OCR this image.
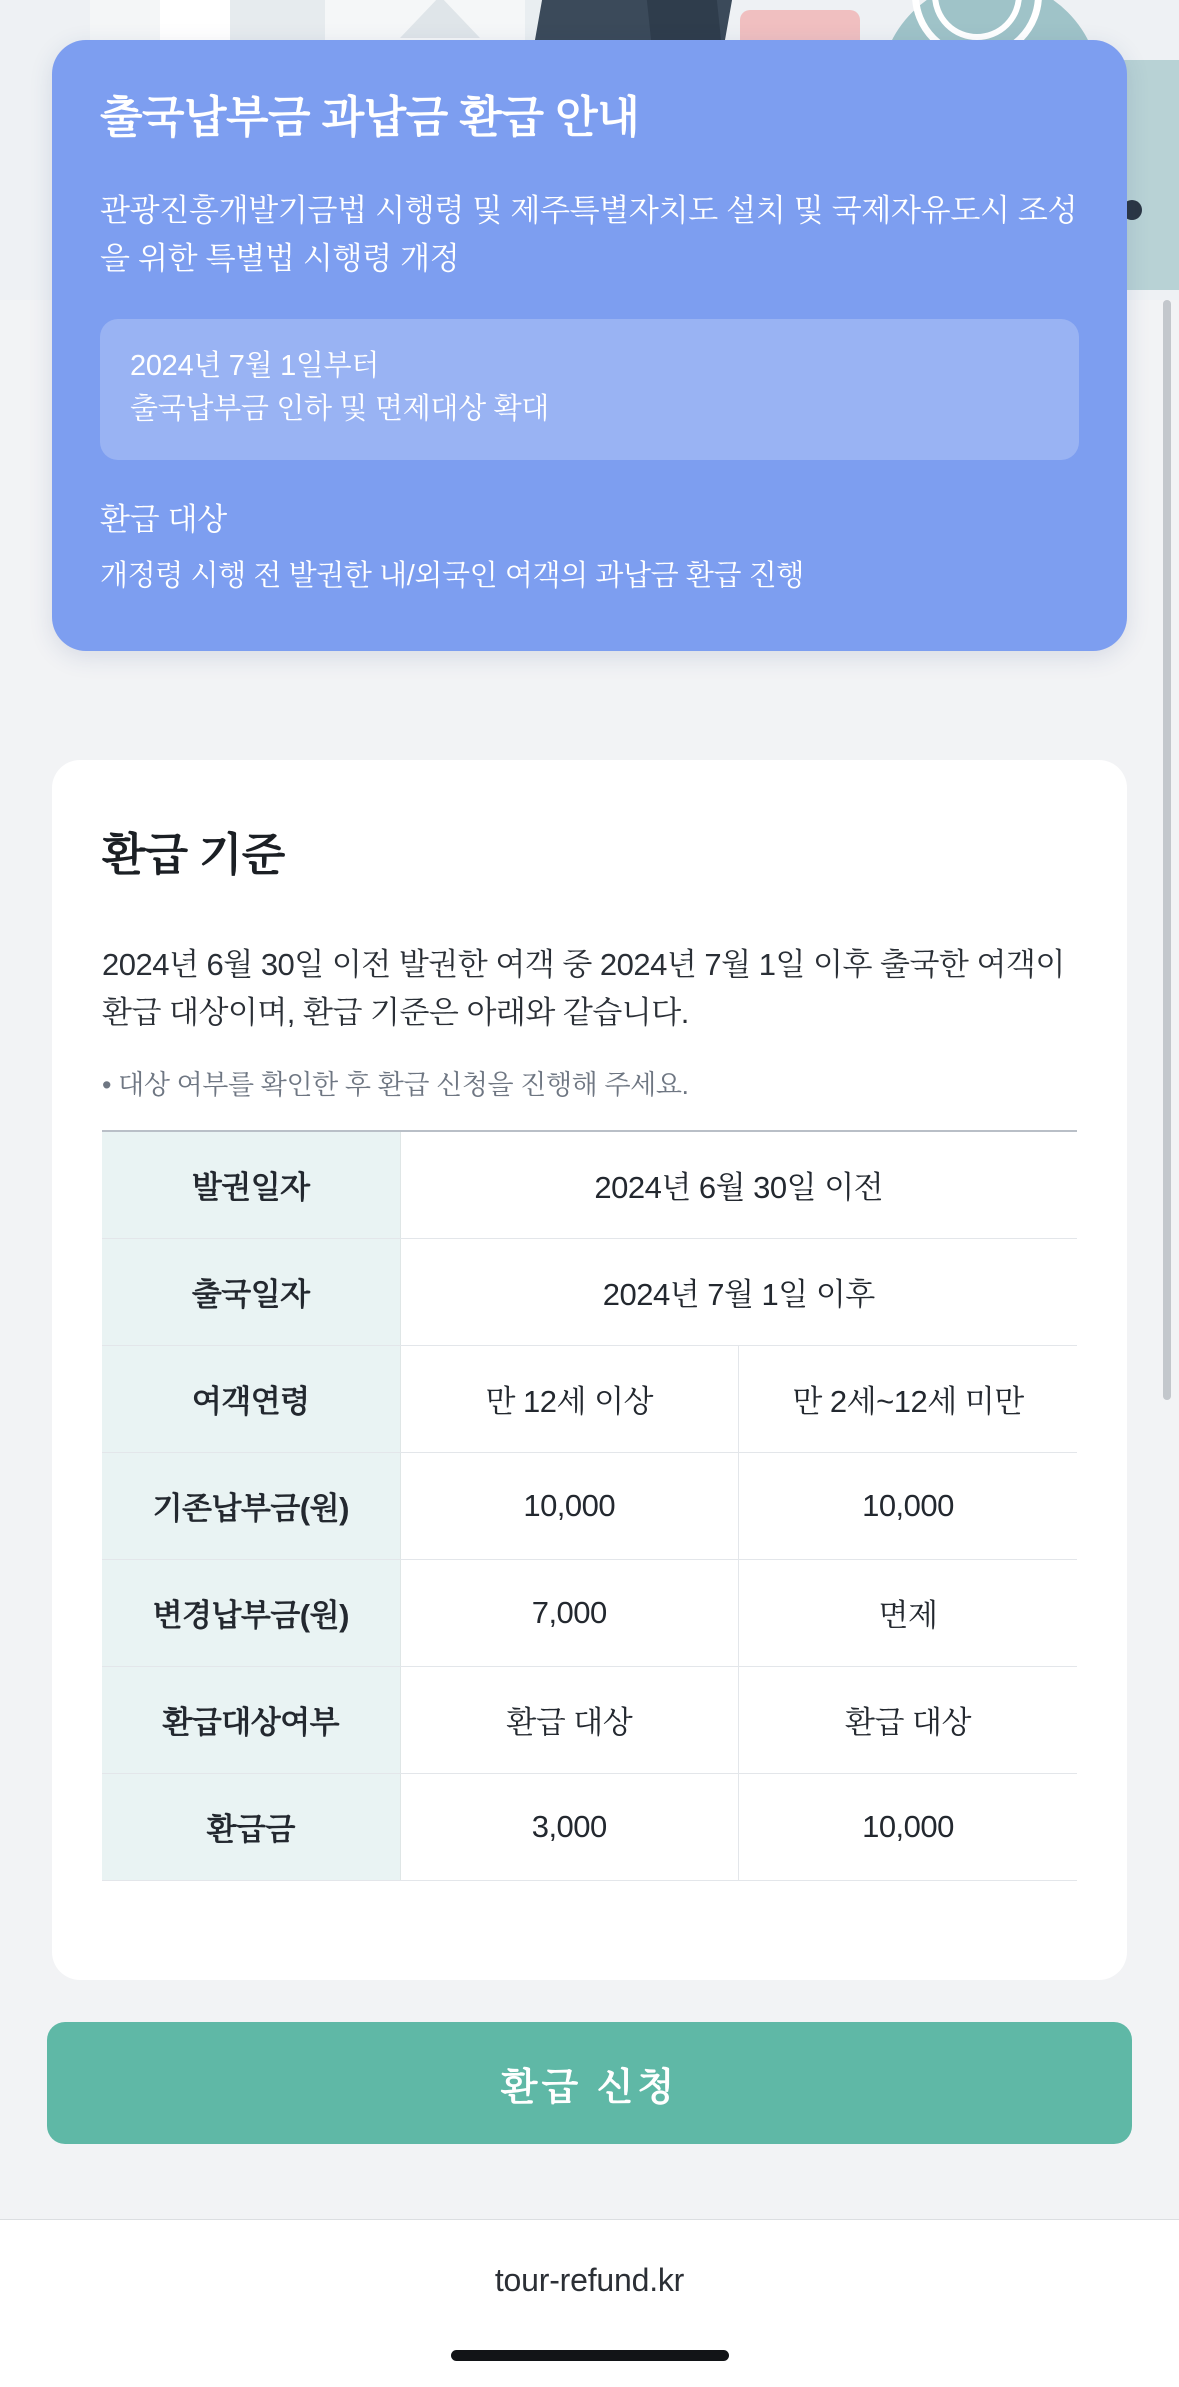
출국납부금 과납금 환급 안내
관광진흥개발기금법 시행령 및 제주특별자치도 설치 및 국제자유도시 조성을 위한 특별법 시행령 개정
2024년 7월 1일부터
출국납부금 인하 및 면제대상 확대
환급 대상
개정령 시행 전 발권한 내/외국인 여객의 과납금 환급 진행
환급 기준
2024년 6월 30일 이전 발권한 여객 중 2024년 7월 1일 이후 출국한 여객이 환급 대상이며, 환급 기준은 아래와 같습니다.
• 대상 여부를 확인한 후 환급 신청을 진행해 주세요.
발권일자	2024년 6월 30일 이전	
출국일자	2024년 7월 1일 이후	
여객연령	만 12세 이상	만 2세~12세 미만
기존납부금(원)	10,000	10,000
변경납부금(원)	7,000	면제
환급대상여부	환급 대상	환급 대상
환급금	3,000	10,000
환급 신청
tour-refund.kr
